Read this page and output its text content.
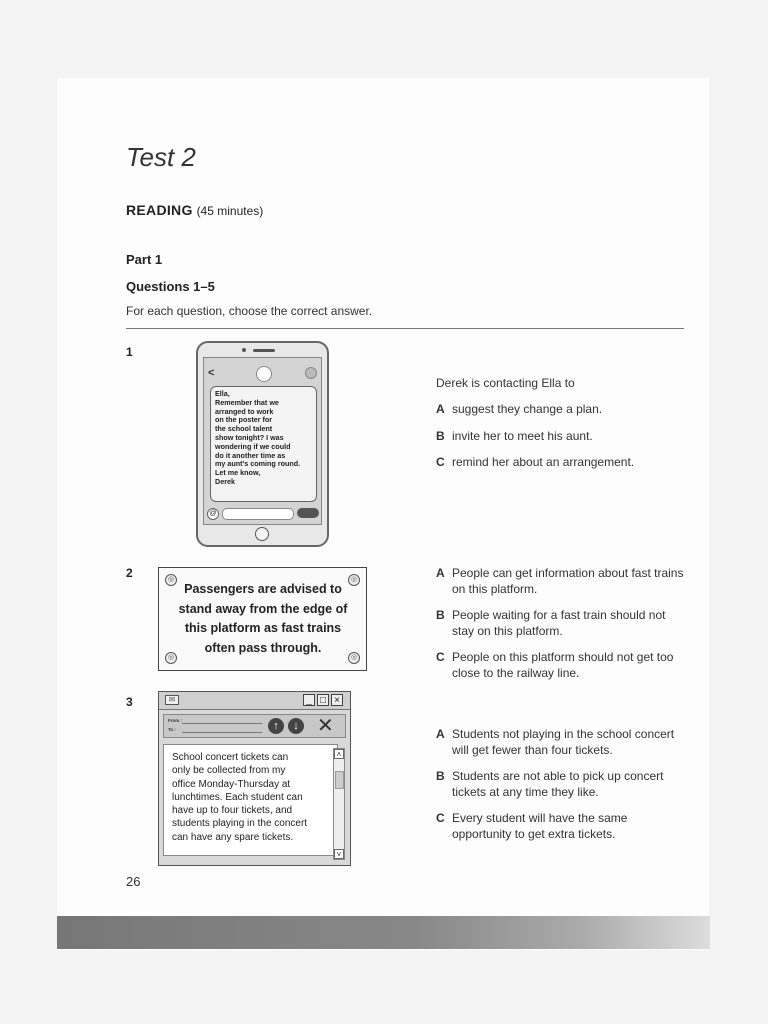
Test 2
READING (45 minutes)
Part 1
Questions 1–5
For each question, choose the correct answer.
1
<
Ella,
Remember that we
arranged to work
on the poster for
the school talent
show tonight? I was
wondering if we could
do it another time as
my aunt's coming round.
Let me know,
Derek
@
Derek is contacting Ella to
A suggest they change a plan.
B invite her to meet his aunt.
C remind her about an arrangement.
2	◎	◎
◎	◎
Passengers are advised to
stand away from the edge of
this platform as fast trains
often pass through.
A People can get information about fast trains on this platform.
B People waiting for a fast train should not stay on this platform.
C People on this platform should not get too close to the railway line.
3	✉	_ □ ×
From :
To :	↑	↓ ✕
School concert tickets can
only be collected from my
office Monday-Thursday at
lunchtimes. Each student can
have up to four tickets, and
students playing in the concert
can have any spare tickets.
˄
˅
A Students not playing in the school concert will get fewer than four tickets.
B Students are not able to pick up concert tickets at any time they like.
C Every student will have the same opportunity to get extra tickets.
26
